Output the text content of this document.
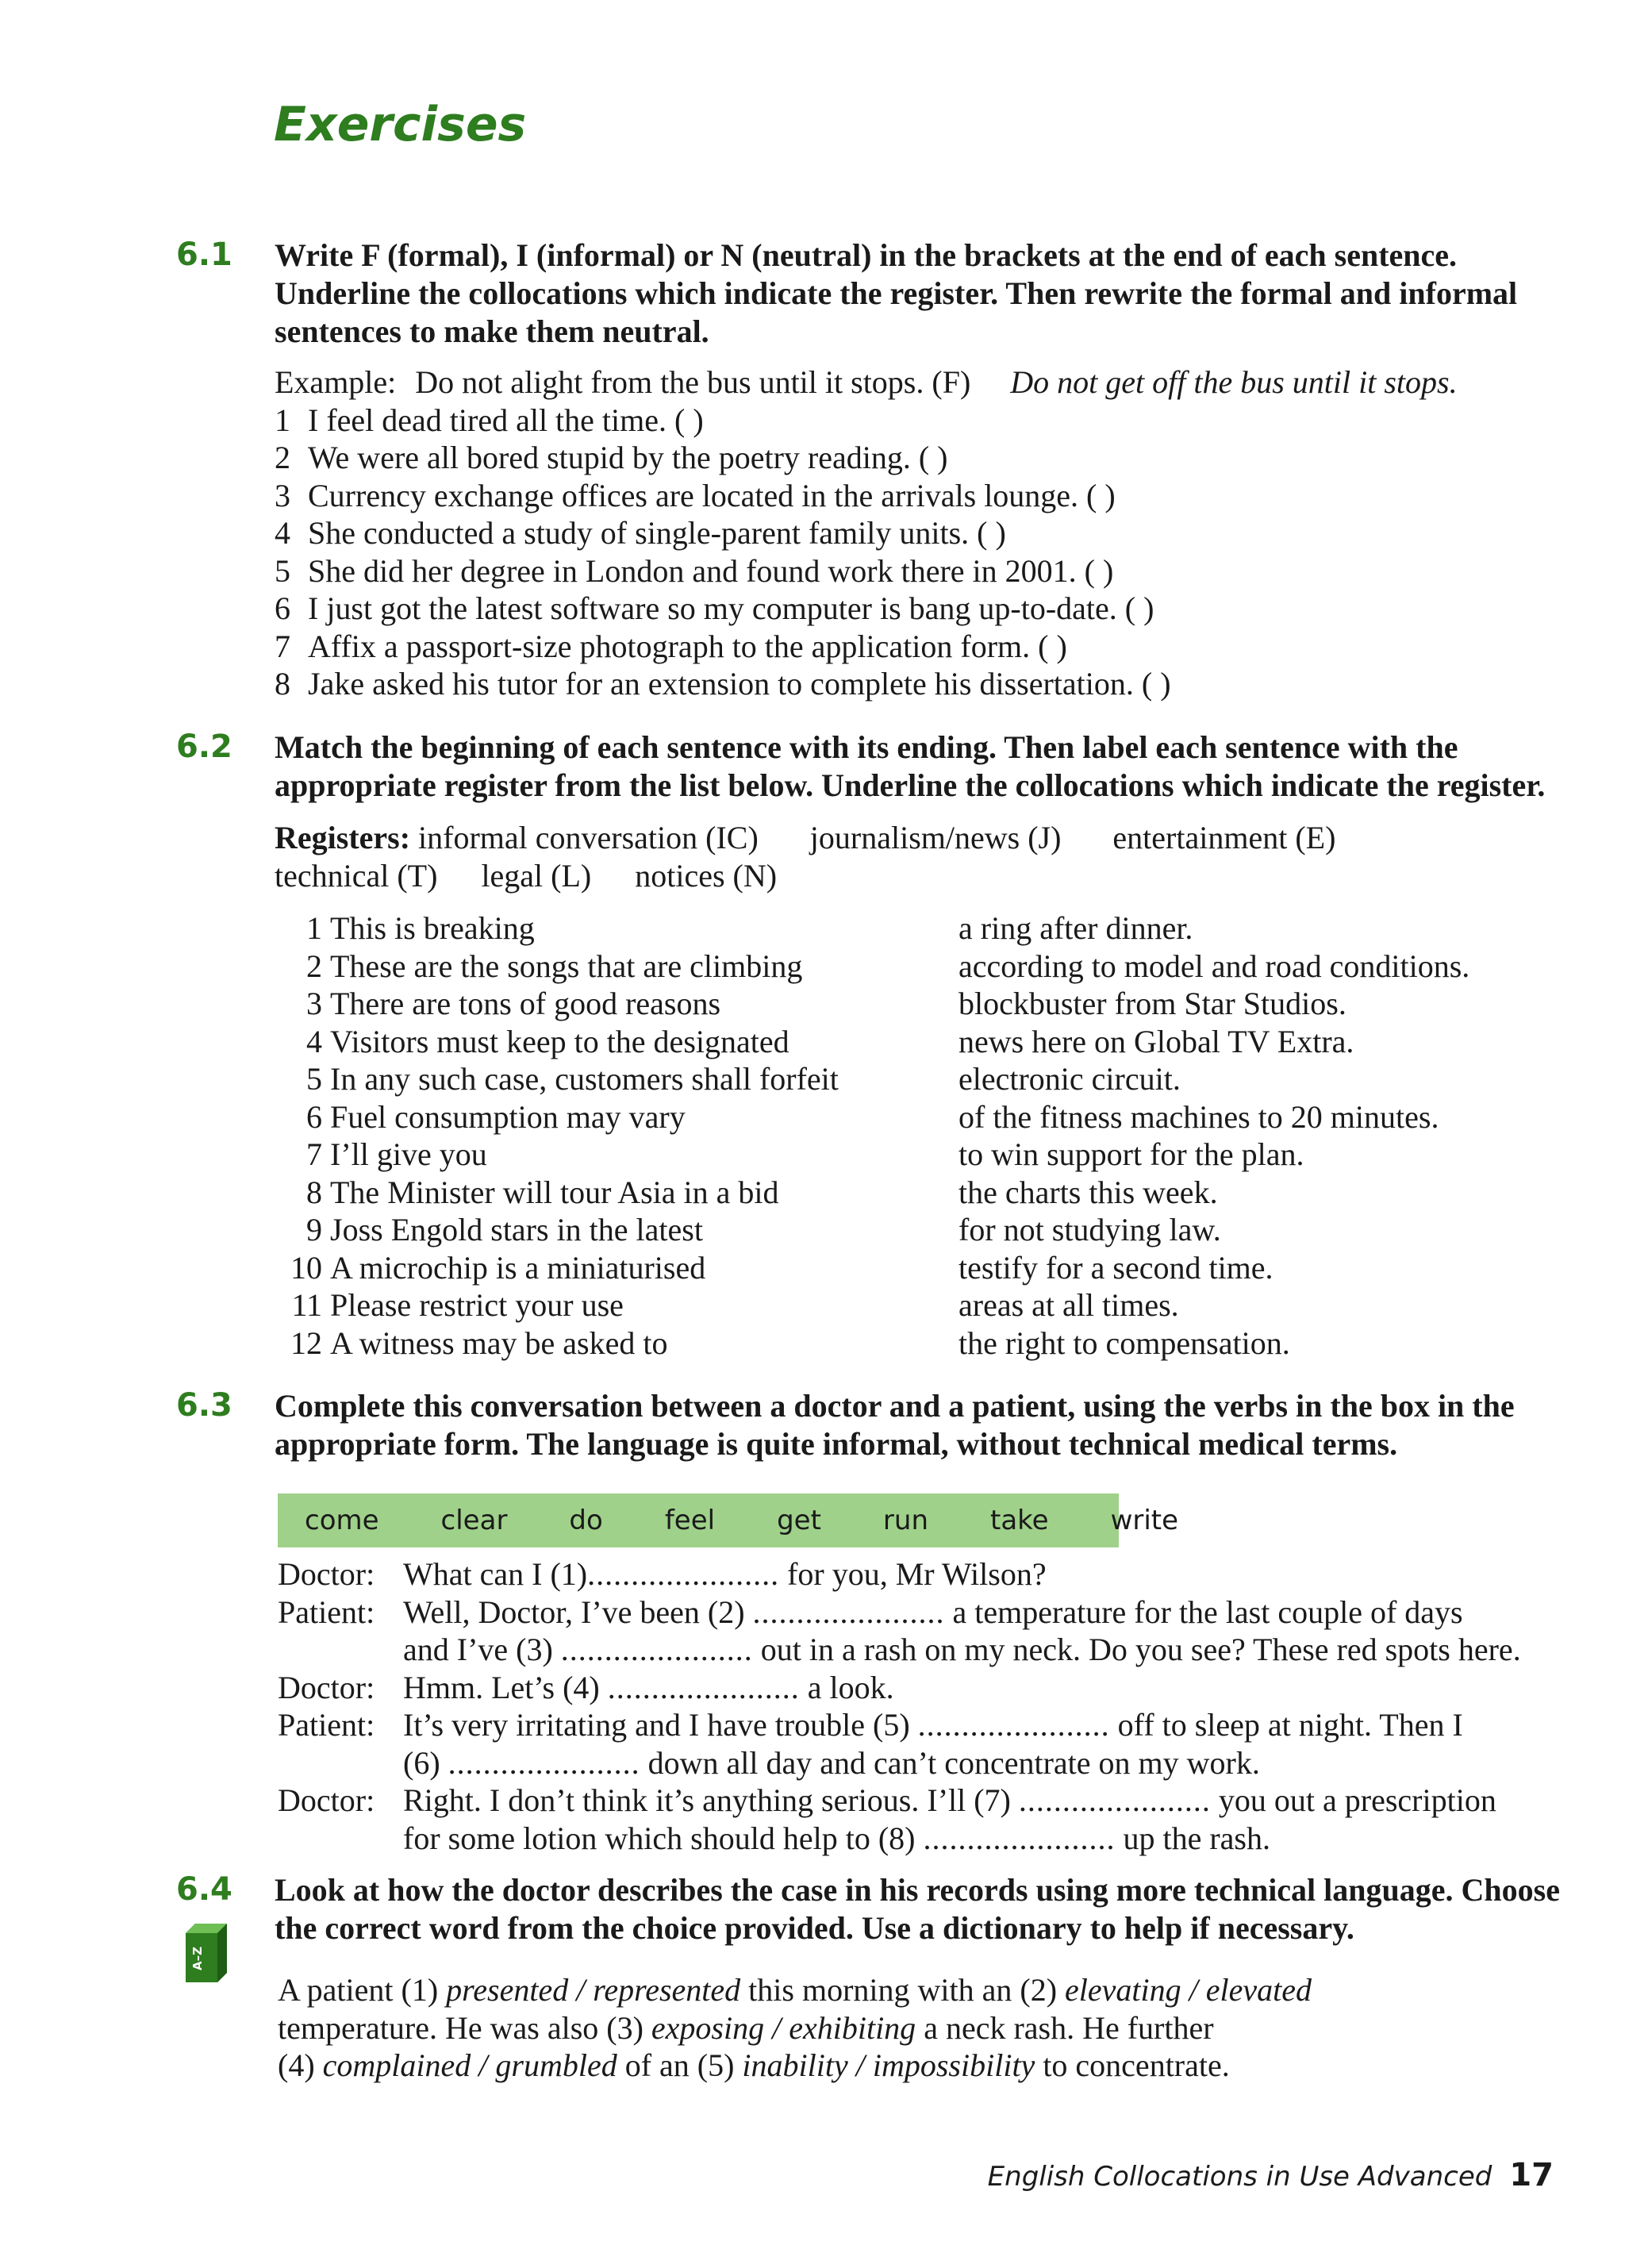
Exercises
6.1 Write F (formal), I (informal) or N (neutral) in the brackets at the end of each sentence. Underline the collocations which indicate the register. Then rewrite the formal and informal sentences to make them neutral.

Example: Do not alight from the bus until it stops. (F) Do not get off the bus until it stops.
1 I feel dead tired all the time. ( )
2 We were all bored stupid by the poetry reading. ( )
3 Currency exchange offices are located in the arrivals lounge. ( )
4 She conducted a study of single-parent family units. ( )
5 She did her degree in London and found work there in 2001. ( )
6 I just got the latest software so my computer is bang up-to-date. ( )
7 Affix a passport-size photograph to the application form. ( )
8 Jake asked his tutor for an extension to complete his dissertation. ( )
6.2 Match the beginning of each sentence with its ending. Then label each sentence with the appropriate register from the list below. Underline the collocations which indicate the register.

Registers: informal conversation (IC) journalism/news (J) entertainment (E)
technical (T) legal (L) notices (N)
1 This is breaking
2 These are the songs that are climbing
3 There are tons of good reasons
4 Visitors must keep to the designated
5 In any such case, customers shall forfeit
6 Fuel consumption may vary
7 I’ll give you
8 The Minister will tour Asia in a bid
9 Joss Engold stars in the latest
10 A microchip is a miniaturised
11 Please restrict your use
12 A witness may be asked to
a ring after dinner.
according to model and road conditions.
blockbuster from Star Studios.
news here on Global TV Extra.
electronic circuit.
of the fitness machines to 20 minutes.
to win support for the plan.
the charts this week.
for not studying law.
testify for a second time.
areas at all times.
the right to compensation.
6.3 Complete this conversation between a doctor and a patient, using the verbs in the box in the appropriate form. The language is quite informal, without technical medical terms.

come clear do feel get run take write
Doctor: What can I (1)...................... for you, Mr Wilson?
Patient: Well, Doctor, I’ve been (2) ...................... a temperature for the last couple of days
and I’ve (3) ...................... out in a rash on my neck. Do you see? These red spots here.
Doctor: Hmm. Let’s (4) ...................... a look.
Patient: It’s very irritating and I have trouble (5) ...................... off to sleep at night. Then I
(6) ...................... down all day and can’t concentrate on my work.
Doctor: Right. I don’t think it’s anything serious. I’ll (7) ...................... you out a prescription
for some lotion which should help to (8) ...................... up the rash.
6.4
A–Z

Look at how the doctor describes the case in his records using more technical language. Choose the correct word from the choice provided. Use a dictionary to help if necessary.

A patient (1) presented / represented this morning with an (2) elevating / elevated
temperature. He was also (3) exposing / exhibiting a neck rash. He further
(4) complained / grumbled of an (5) inability / impossibility to concentrate.
English Collocations in Use Advanced 17
